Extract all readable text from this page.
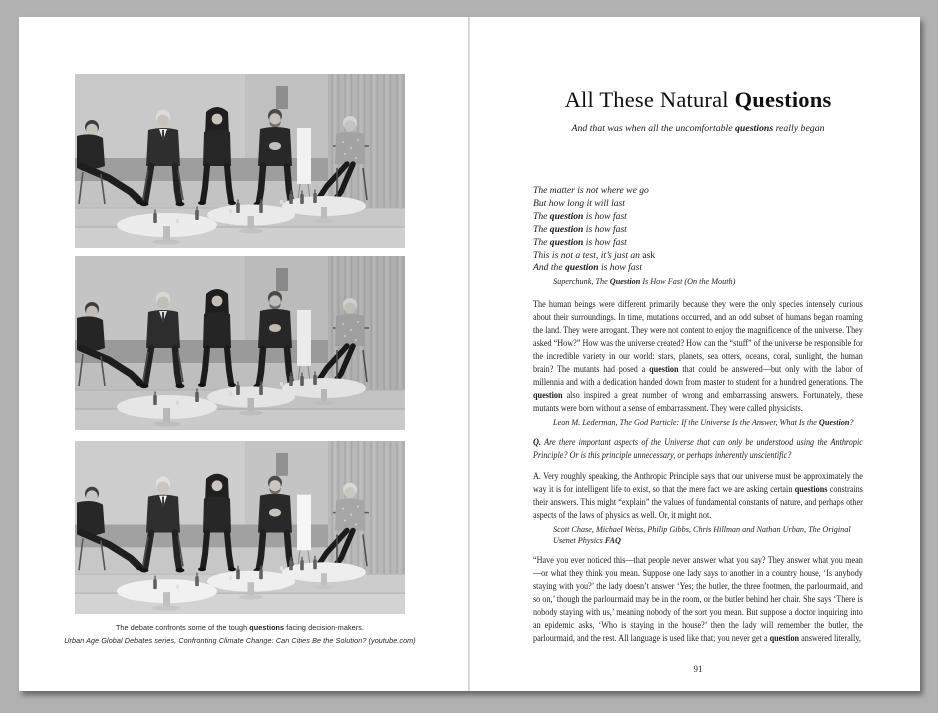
The debate confronts some of the tough questions facing decision-makers.
Urban Age Global Debates series, Confronting Climate Change: Can Cities Be the Solution? (youtube.com)
All These Natural Questions
And that was when all the uncomfortable questions really began
The matter is not where we go
But how long it will last
The question is how fast
The question is how fast
The question is how fast
This is not a test, it’s just an ask
And the question is how fast
Superchunk, The Question Is How Fast (On the Mouth)
The human beings were different primarily because they were the only species intensely curious about their surroundings. In time, mutations occurred, and an odd subset of humans began roaming the land. They were arrogant. They were not content to enjoy the magnificence of the universe. They asked “How?” How was the universe created? How can the “stuff” of the universe be responsible for the incredible variety in our world: stars, planets, sea otters, oceans, coral, sunlight, the human brain? The mutants had posed a question that could be answered—but only with the labor of millennia and with a dedication handed down from master to student for a hundred generations. The question also inspired a great number of wrong and embarrassing answers. Fortunately, these mutants were born without a sense of embarrassment. They were called physicists.
Leon M. Lederman, The God Particle: If the Universe Is the Answer, What Is the Question?
Q. Are there important aspects of the Universe that can only be understood using the Anthropic Principle? Or is this principle unnecessary, or perhaps inherently unscientific?
A. Very roughly speaking, the Anthropic Principle says that our universe must be approximately the way it is for intelligent life to exist, so that the mere fact we are asking certain questions constrains their answers. This might “explain” the values of fundamental constants of nature, and perhaps other aspects of the laws of physics as well. Or, it might not.
Scott Chase, Michael Weiss, Philip Gibbs, Chris Hillman and Nathan Urban, The Original Usenet Physics FAQ
“Have you ever noticed this—that people never answer what you say? They answer what you mean—or what they think you mean. Suppose one lady says to another in a country house, ‘Is anybody staying with you?’ the lady doesn’t answer ‘Yes; the butler, the three footmen, the parlourmaid, and so on,’ though the parlourmaid may be in the room, or the butler behind her chair. She says ‘There is nobody staying with us,’ meaning nobody of the sort you mean. But suppose a doctor inquiring into an epidemic asks, ‘Who is staying in the house?’ then the lady will remember the butler, the parlourmaid, and the rest. All language is used like that; you never get a question answered literally,
91
